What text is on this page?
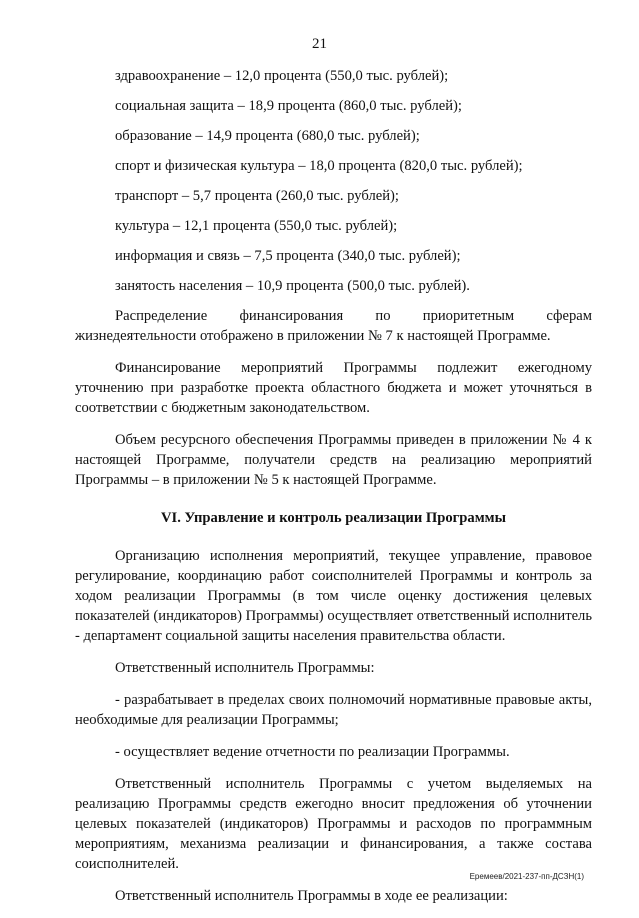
21
здравоохранение – 12,0 процента (550,0 тыс. рублей);
социальная защита – 18,9 процента (860,0 тыс. рублей);
образование – 14,9 процента (680,0 тыс. рублей);
спорт и физическая культура – 18,0 процента (820,0 тыс. рублей);
транспорт – 5,7 процента (260,0 тыс. рублей);
культура – 12,1 процента (550,0 тыс. рублей);
информация и связь – 7,5 процента (340,0 тыс. рублей);
занятость населения – 10,9 процента (500,0 тыс. рублей).

Распределение финансирования по приоритетным сферам жизнедеятельности отображено в приложении № 7 к настоящей Программе.

Финансирование мероприятий Программы подлежит ежегодному уточнению при разработке проекта областного бюджета и может уточняться в соответствии с бюджетным законодательством.

Объем ресурсного обеспечения Программы приведен в приложении № 4 к настоящей Программе, получатели средств на реализацию мероприятий Программы – в приложении № 5 к настоящей Программе.

VI. Управление и контроль реализации Программы

Организацию исполнения мероприятий, текущее управление, правовое регулирование, координацию работ соисполнителей Программы и контроль за ходом реализации Программы (в том числе оценку достижения целевых показателей (индикаторов) Программы) осуществляет ответственный исполнитель - департамент социальной защиты населения правительства области.

Ответственный исполнитель Программы:

- разрабатывает в пределах своих полномочий нормативные правовые акты, необходимые для реализации Программы;

- осуществляет ведение отчетности по реализации Программы.

Ответственный исполнитель Программы с учетом выделяемых на реализацию Программы средств ежегодно вносит предложения об уточнении целевых показателей (индикаторов) Программы и расходов по программным мероприятиям, механизма реализации и финансирования, а также состава соисполнителей.

Ответственный исполнитель Программы в ходе ее реализации:

Еремеев/2021-237-пп-ДСЗН(1)
